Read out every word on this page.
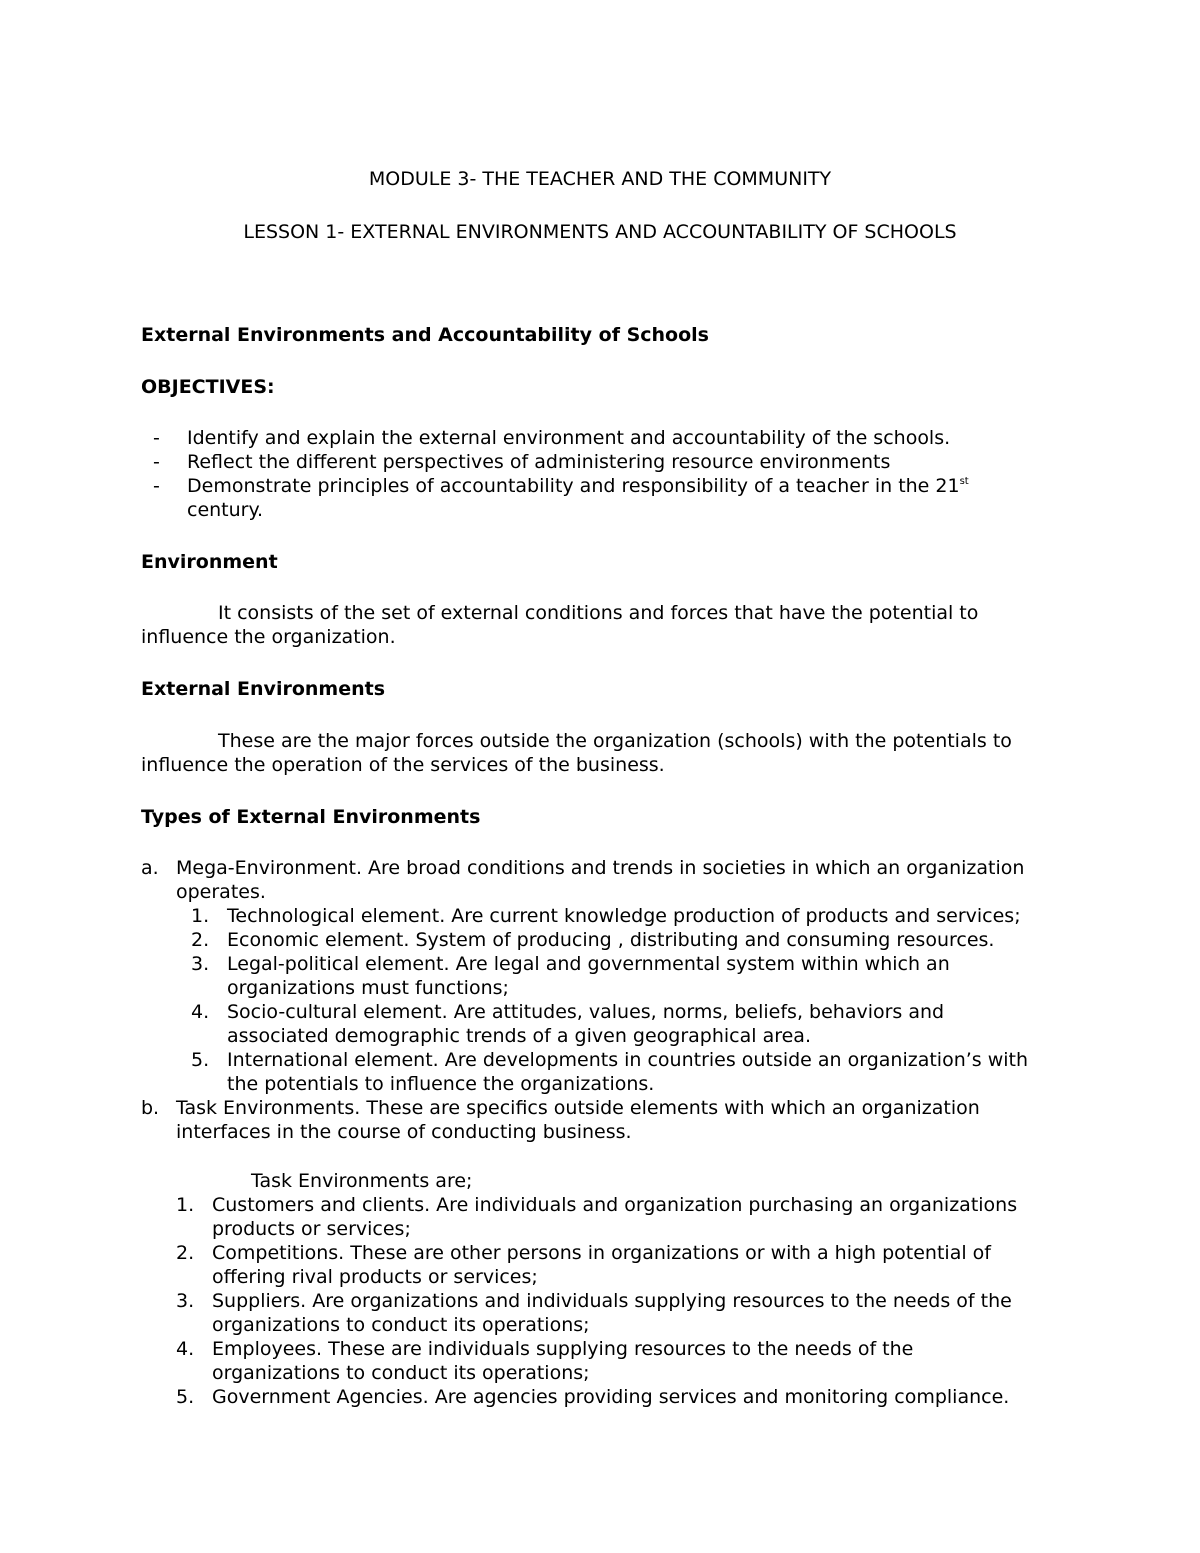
MODULE 3- THE TEACHER AND THE COMMUNITY
LESSON 1- EXTERNAL ENVIRONMENTS AND ACCOUNTABILITY OF SCHOOLS
External Environments and Accountability of Schools
OBJECTIVES:
- Identify and explain the external environment and accountability of the schools.
- Reflect the different perspectives of administering resource environments
- Demonstrate principles of accountability and responsibility of a teacher in the 21st
century.
Environment
It consists of the set of external conditions and forces that have the potential to
influence the organization.
External Environments
These are the major forces outside the organization (schools) with the potentials to
influence the operation of the services of the business.
Types of External Environments
a. Mega-Environment. Are broad conditions and trends in societies in which an organization
operates.
1. Technological element. Are current knowledge production of products and services;
2. Economic element. System of producing , distributing and consuming resources.
3. Legal-political element. Are legal and governmental system within which an
organizations must functions;
4. Socio-cultural element. Are attitudes, values, norms, beliefs, behaviors and
associated demographic trends of a given geographical area.
5. International element. Are developments in countries outside an organization’s with
the potentials to influence the organizations.
b. Task Environments. These are specifics outside elements with which an organization
interfaces in the course of conducting business.
Task Environments are;
1. Customers and clients. Are individuals and organization purchasing an organizations
products or services;
2. Competitions. These are other persons in organizations or with a high potential of
offering rival products or services;
3. Suppliers. Are organizations and individuals supplying resources to the needs of the
organizations to conduct its operations;
4. Employees. These are individuals supplying resources to the needs of the
organizations to conduct its operations;
5. Government Agencies. Are agencies providing services and monitoring compliance.
